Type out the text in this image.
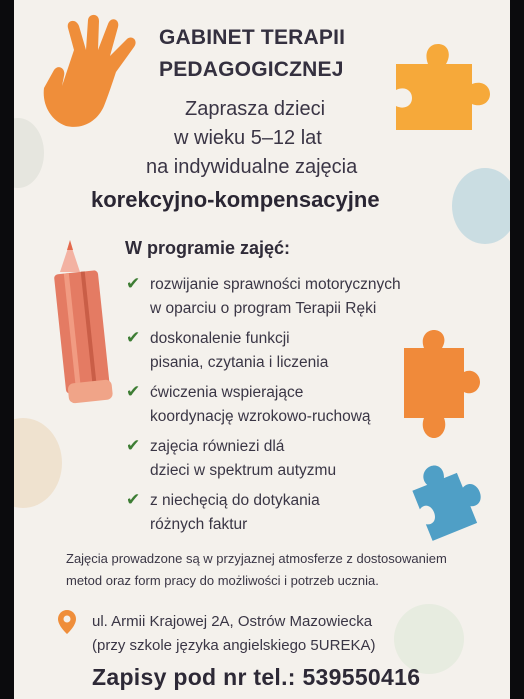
GABINET TERAPII
PEDAGOGICZNEJ
Zaprasza dzieci
w wieku 5–12 lat
na indywidualne zajęcia
korekcyjno-kompensacyjne
W programie zajęć:
✔ rozwijanie sprawności motorycznych
w oparciu o program Terapii Ręki
✔ doskonalenie funkcji
pisania, czytania i liczenia
✔ ćwiczenia wspierające
koordynację wzrokowo-ruchową
✔ zajęcia równiezi dlá
dzieci w spektrum autyzmu
✔ z niechęcią do dotykania
różnych faktur
Zajęcia prowadzone są w przyjaznej atmosferze z dostosowaniem
metod oraz form pracy do możliwości i potrzeb ucznia.
ul. Armii Krajowej 2A, Ostrów Mazowiecka
(przy szkole języka angielskiego 5UREKA)
Zapisy pod nr tel.: 539550416
